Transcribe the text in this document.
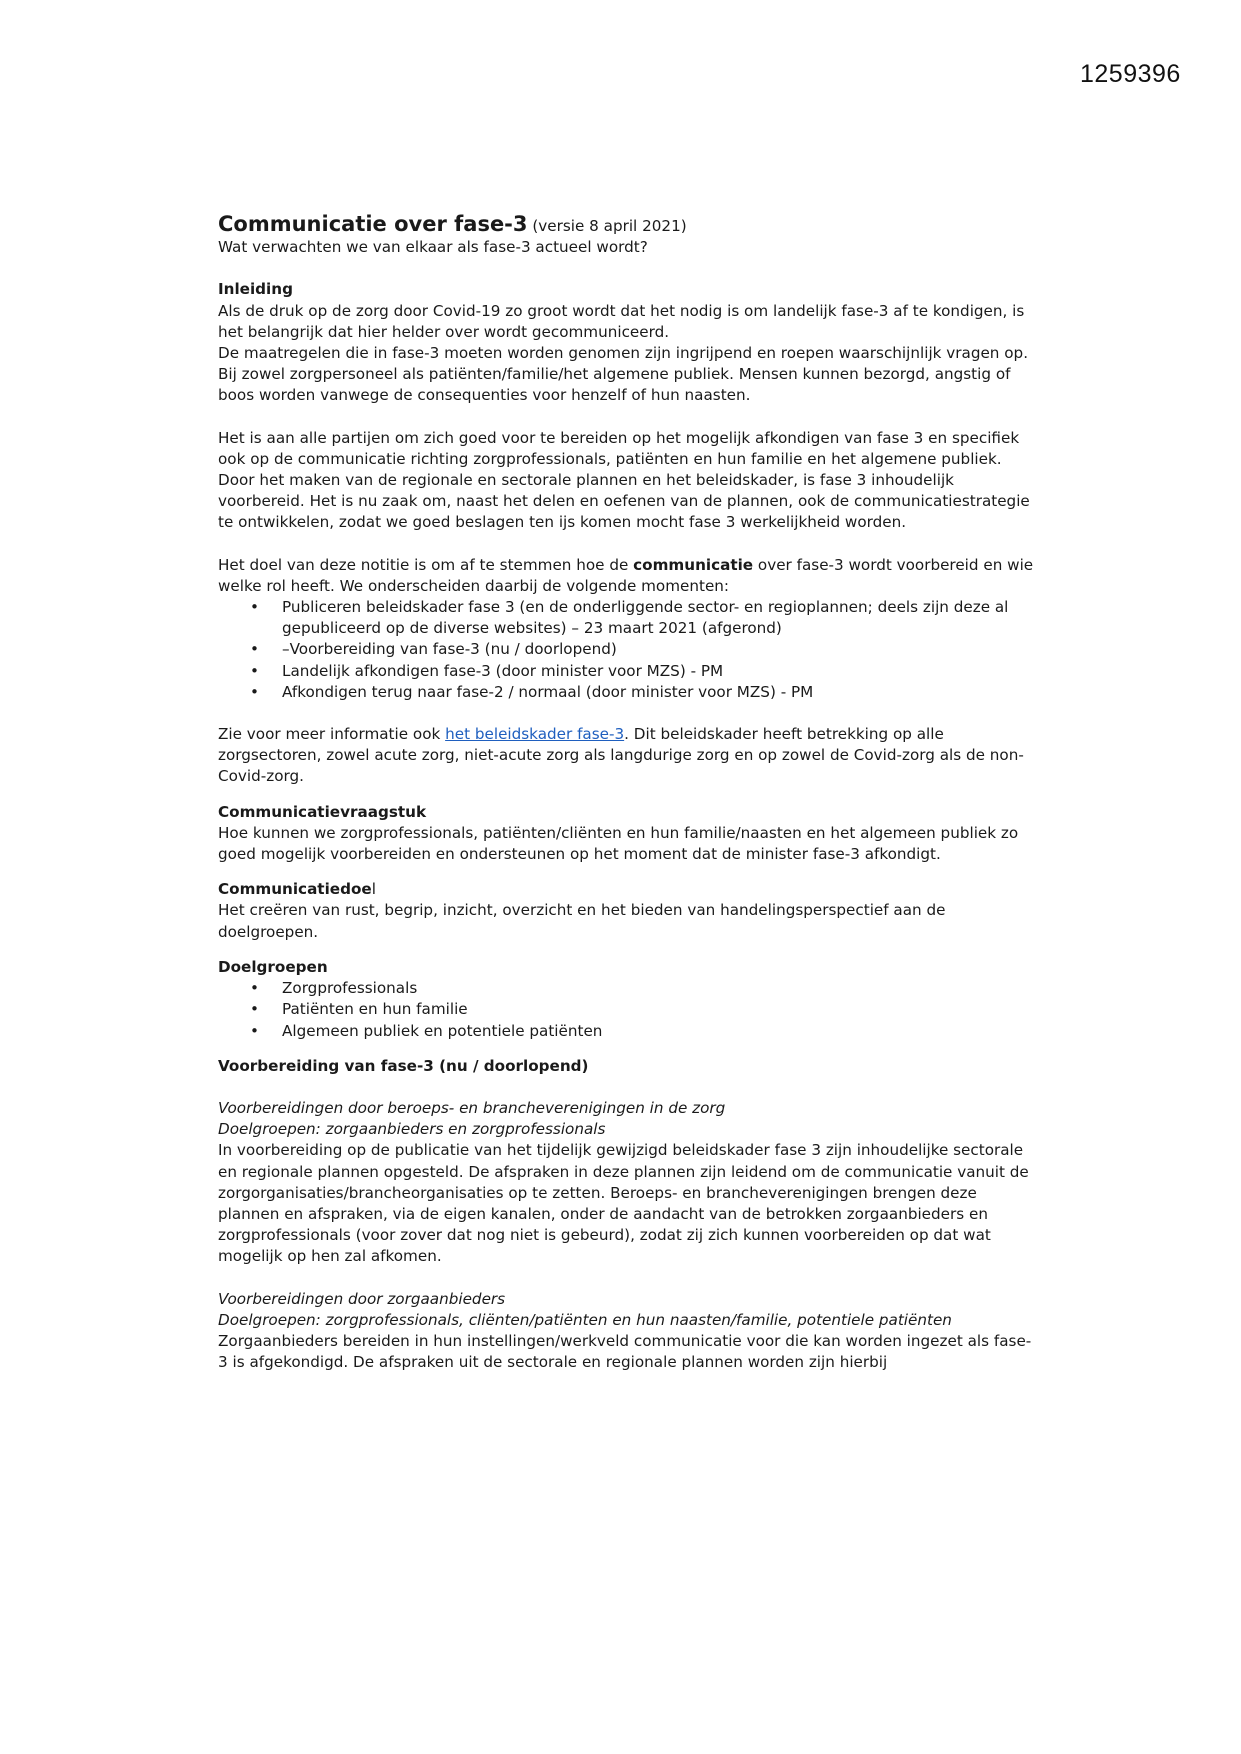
1259396

Communicatie over fase-3 (versie 8 april 2021)

Wat verwachten we van elkaar als fase-3 actueel wordt?

Inleiding

Als de druk op de zorg door Covid-19 zo groot wordt dat het nodig is om landelijk fase-3 af te kondigen, is het belangrijk dat hier helder over wordt gecommuniceerd.

De maatregelen die in fase-3 moeten worden genomen zijn ingrijpend en roepen waarschijnlijk vragen op. Bij zowel zorgpersoneel als patiënten/familie/het algemene publiek. Mensen kunnen bezorgd, angstig of boos worden vanwege de consequenties voor henzelf of hun naasten.

Het is aan alle partijen om zich goed voor te bereiden op het mogelijk afkondigen van fase 3 en specifiek ook op de communicatie richting zorgprofessionals, patiënten en hun familie en het algemene publiek. Door het maken van de regionale en sectorale plannen en het beleidskader, is fase 3 inhoudelijk voorbereid. Het is nu zaak om, naast het delen en oefenen van de plannen, ook de communicatiestrategie te ontwikkelen, zodat we goed beslagen ten ijs komen mocht fase 3 werkelijkheid worden.

Het doel van deze notitie is om af te stemmen hoe de communicatie over fase-3 wordt voorbereid en wie welke rol heeft. We onderscheiden daarbij de volgende momenten:

• Publiceren beleidskader fase 3 (en de onderliggende sector- en regioplannen; deels zijn deze al gepubliceerd op de diverse websites) – 23 maart 2021 (afgerond)
• –Voorbereiding van fase-3 (nu / doorlopend)
• Landelijk afkondigen fase-3 (door minister voor MZS) - PM
• Afkondigen terug naar fase-2 / normaal (door minister voor MZS) - PM

Zie voor meer informatie ook het beleidskader fase-3. Dit beleidskader heeft betrekking op alle zorgsectoren, zowel acute zorg, niet-acute zorg als langdurige zorg en op zowel de Covid-zorg als de non-Covid-zorg.

Communicatievraagstuk

Hoe kunnen we zorgprofessionals, patiënten/cliënten en hun familie/naasten en het algemeen publiek zo goed mogelijk voorbereiden en ondersteunen op het moment dat de minister fase-3 afkondigt.

Communicatiedoel

Het creëren van rust, begrip, inzicht, overzicht en het bieden van handelingsperspectief aan de doelgroepen.

Doelgroepen
• Zorgprofessionals
• Patiënten en hun familie
• Algemeen publiek en potentiele patiënten
Voorbereiding van fase-3 (nu / doorlopend)

Voorbereidingen door beroeps- en brancheverenigingen in de zorg

Doelgroepen: zorgaanbieders en zorgprofessionals

In voorbereiding op de publicatie van het tijdelijk gewijzigd beleidskader fase 3 zijn inhoudelijke sectorale en regionale plannen opgesteld. De afspraken in deze plannen zijn leidend om de communicatie vanuit de zorgorganisaties/brancheorganisaties op te zetten. Beroeps- en brancheverenigingen brengen deze plannen en afspraken, via de eigen kanalen, onder de aandacht van de betrokken zorgaanbieders en zorgprofessionals (voor zover dat nog niet is gebeurd), zodat zij zich kunnen voorbereiden op dat wat mogelijk op hen zal afkomen.

Voorbereidingen door zorgaanbieders

Doelgroepen: zorgprofessionals, cliënten/patiënten en hun naasten/familie, potentiele patiënten

Zorgaanbieders bereiden in hun instellingen/werkveld communicatie voor die kan worden ingezet als fase-3 is afgekondigd. De afspraken uit de sectorale en regionale plannen worden zijn hierbij
